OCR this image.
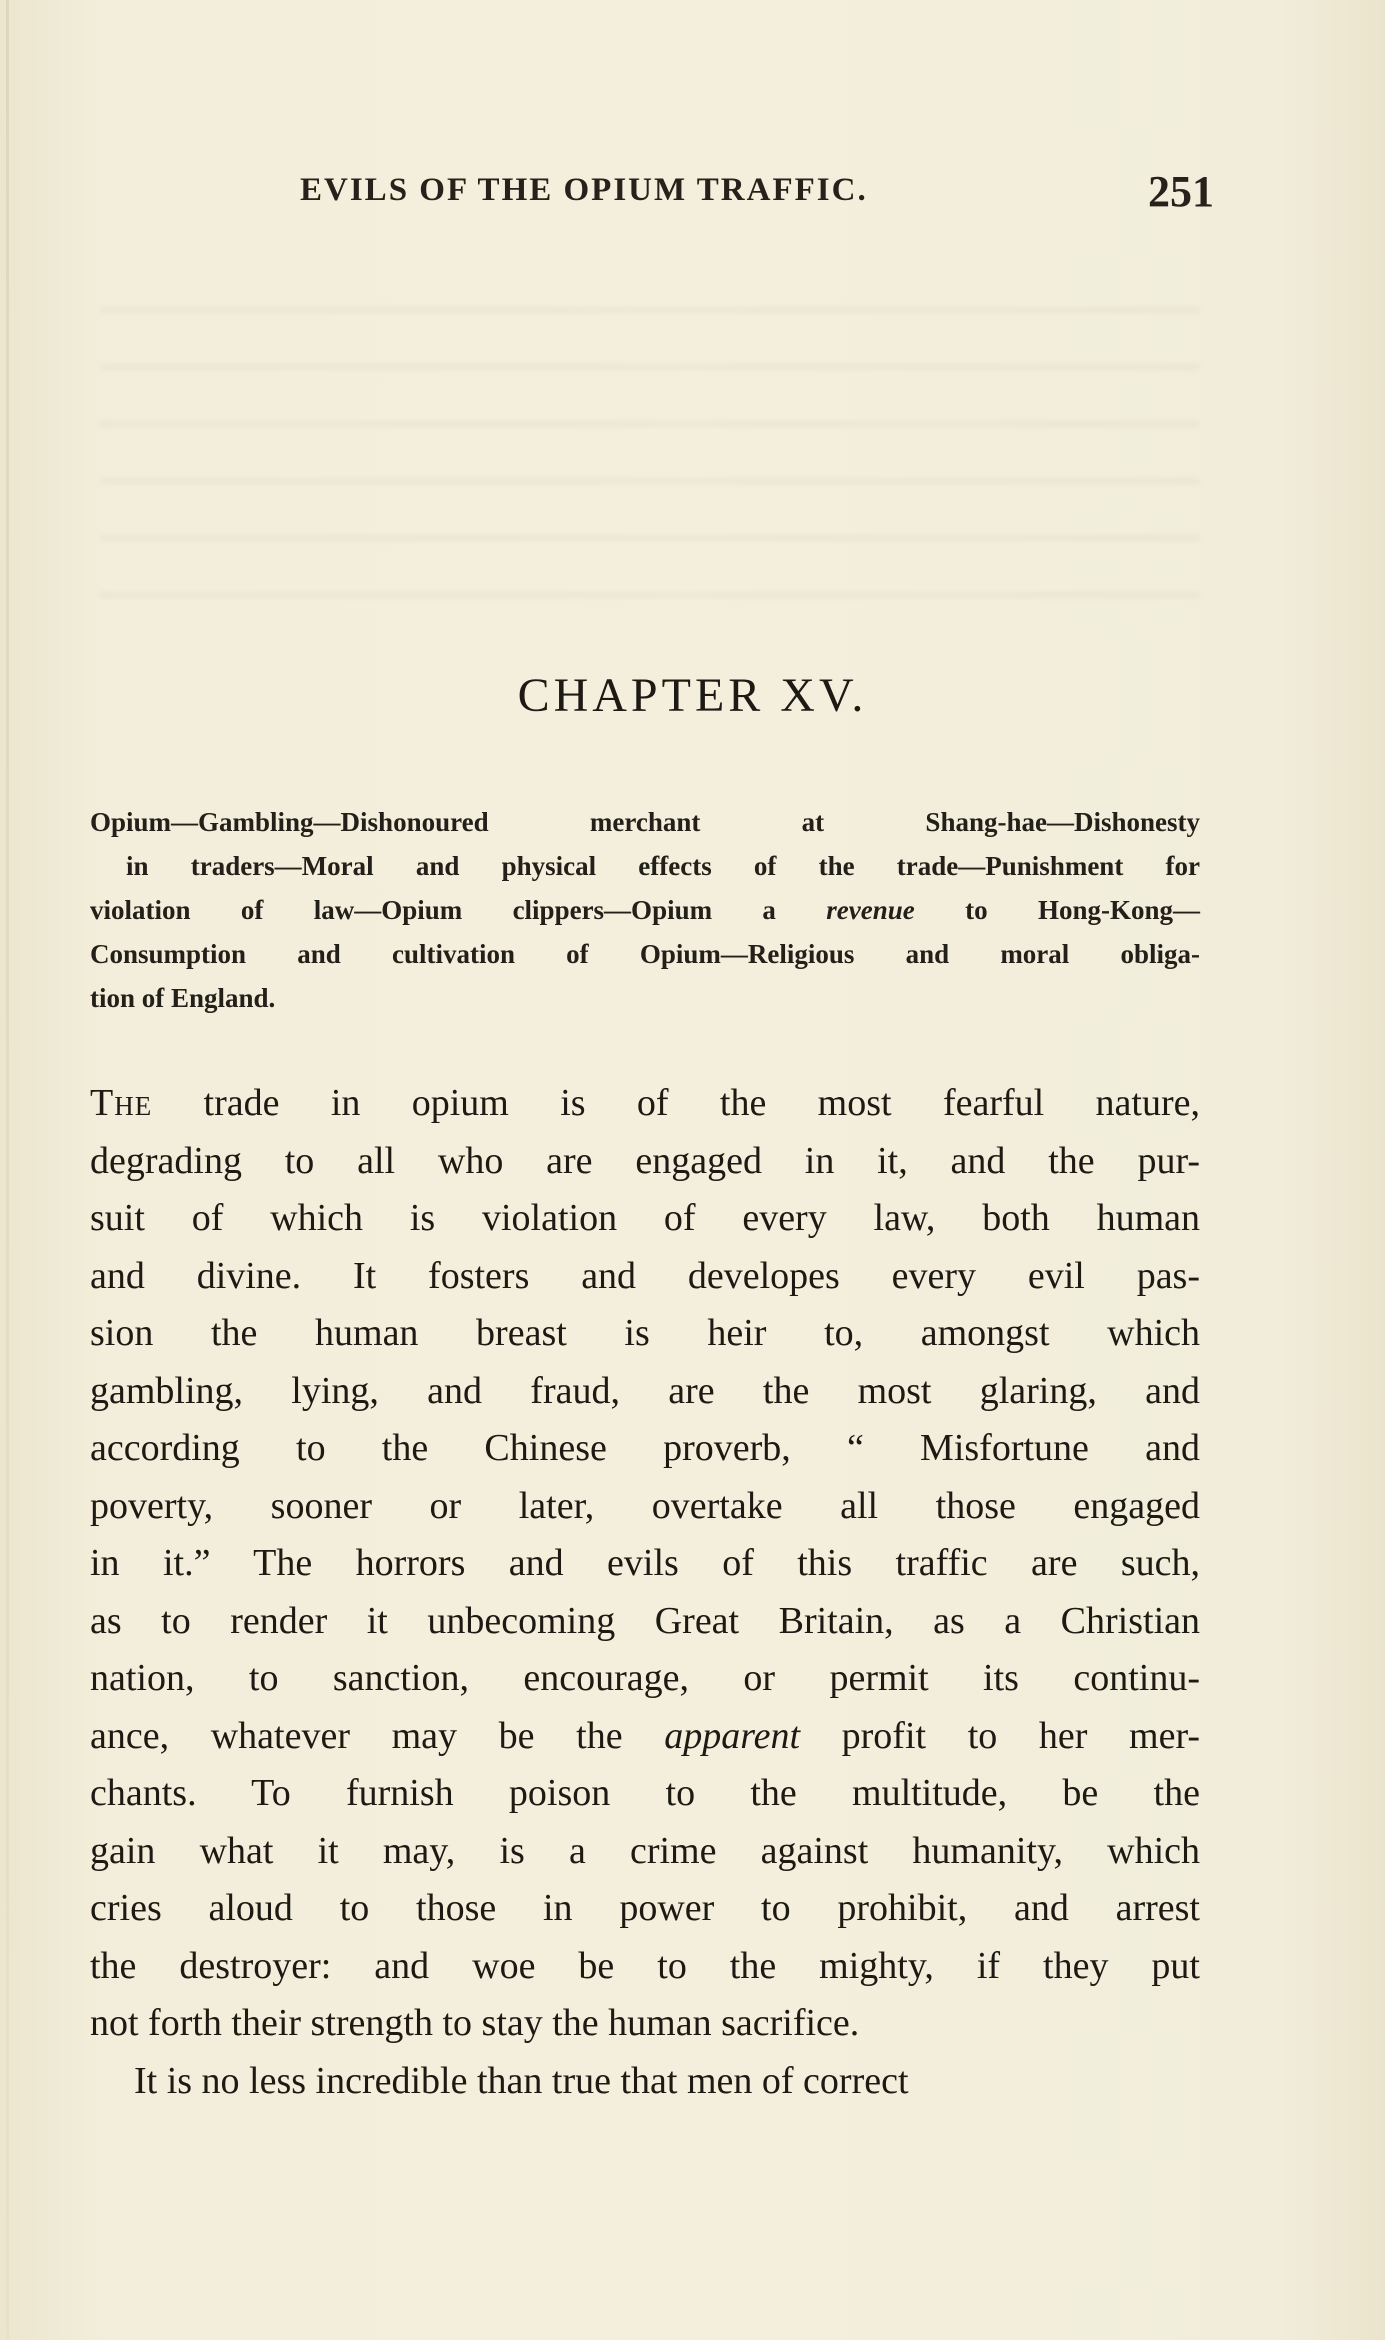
EVILS OF THE OPIUM TRAFFIC.	251
CHAPTER XV.
Opium—Gambling—Dishonoured merchant at Shang-hae—Dishonesty
in traders—Moral and physical effects of the trade—Punishment for
violation of law—Opium clippers—Opium a revenue to Hong-Kong—
Consumption and cultivation of Opium—Religious and moral obliga-
tion of England.
The trade in opium is of the most fearful nature,
degrading to all who are engaged in it, and the pur-
suit of which is violation of every law, both human
and divine. It fosters and developes every evil pas-
sion the human breast is heir to, amongst which
gambling, lying, and fraud, are the most glaring, and
according to the Chinese proverb, “ Misfortune and
poverty, sooner or later, overtake all those engaged
in it.” The horrors and evils of this traffic are such,
as to render it unbecoming Great Britain, as a Christian
nation, to sanction, encourage, or permit its continu-
ance, whatever may be the apparent profit to her mer-
chants. To furnish poison to the multitude, be the
gain what it may, is a crime against humanity, which
cries aloud to those in power to prohibit, and arrest
the destroyer: and woe be to the mighty, if they put
not forth their strength to stay the human sacrifice.
It is no less incredible than true that men of correct
